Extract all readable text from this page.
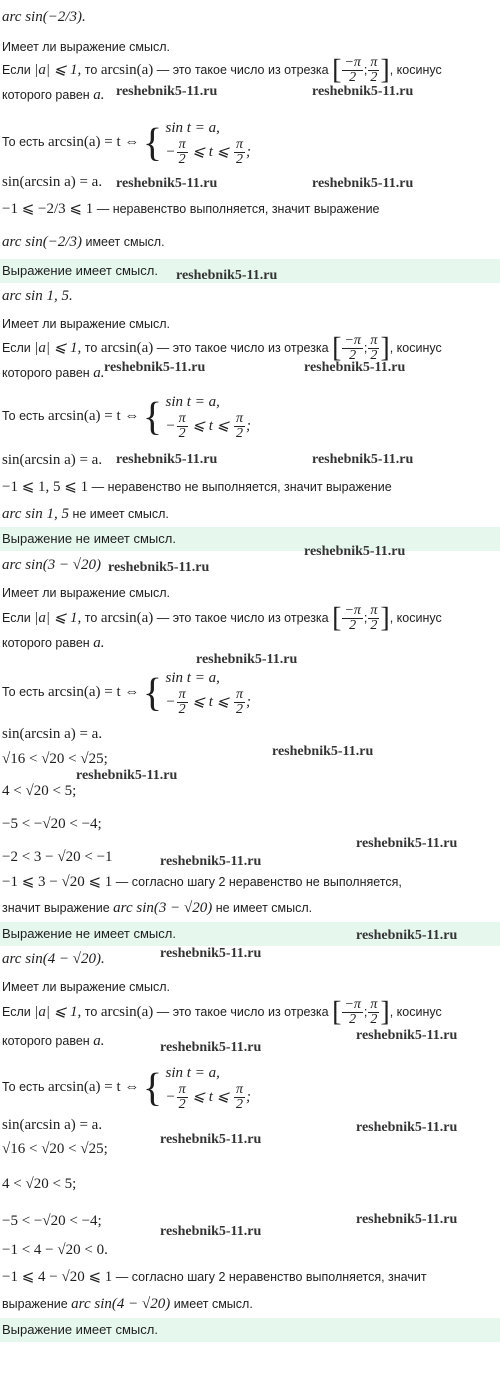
arc sin(−2/3).
Имеет ли выражение смысл.
Если |a| ⩽ 1, то arcsin(a) — это такое число из отрезка [ $\frac{-\pi}{2}$ ; $\frac{\pi}{2}$ ], косинус
которого равен a.
То есть arcsin(a) = t ⇔ { sin t = a,
− $\frac{\pi}{2}$ ⩽ t ⩽ $\frac{\pi}{2}$ ;
sin(arcsin a) = a.
−1 ⩽ −2/3 ⩽ 1 — неравенство выполняется, значит выражение
arc sin(−2/3) имеет смысл.
Выражение имеет смысл.
arc sin 1, 5.
Имеет ли выражение смысл.
Если |a| ⩽ 1, то arcsin(a) — это такое число из отрезка [ $\frac{-\pi}{2}$ ; $\frac{\pi}{2}$ ], косинус
которого равен a.
То есть arcsin(a) = t ⇔ { sin t = a,
− $\frac{\pi}{2}$ ⩽ t ⩽ $\frac{\pi}{2}$ ;
sin(arcsin a) = a.
−1 ⩽ 1, 5 ⩽ 1 — неравенство не выполняется, значит выражение
arc sin 1, 5 не имеет смысл.
Выражение не имеет смысл.
arc sin(3 − √20)
Имеет ли выражение смысл.
Если |a| ⩽ 1, то arcsin(a) — это такое число из отрезка [ $\frac{-\pi}{2}$ ; $\frac{\pi}{2}$ ], косинус
которого равен a.
То есть arcsin(a) = t ⇔ { sin t = a,
− $\frac{\pi}{2}$ ⩽ t ⩽ $\frac{\pi}{2}$ ;
sin(arcsin a) = a.
√16 < √20 < √25;
4 < √20 < 5;
−5 < −√20 < −4;
−2 < 3 − √20 < −1
−1 ⩽ 3 − √20 ⩽ 1 — согласно шагу 2 неравенство не выполняется,
значит выражение arc sin(3 − √20) не имеет смысл.
Выражение не имеет смысл.
arc sin(4 − √20).
Имеет ли выражение смысл.
Если |a| ⩽ 1, то arcsin(a) — это такое число из отрезка [ $\frac{-\pi}{2}$ ; $\frac{\pi}{2}$ ], косинус
которого равен a.
То есть arcsin(a) = t ⇔ { sin t = a,
− $\frac{\pi}{2}$ ⩽ t ⩽ $\frac{\pi}{2}$ ;
sin(arcsin a) = a.
√16 < √20 < √25;
4 < √20 < 5;
−5 < −√20 < −4;
−1 < 4 − √20 < 0.
−1 ⩽ 4 − √20 ⩽ 1 — согласно шагу 2 неравенство выполняется, значит
выражение arc sin(4 − √20) имеет смысл.
Выражение имеет смысл.
reshebnik5-11.ru	reshebnik5-11.ru
reshebnik5-11.ru	reshebnik5-11.ru
reshebnik5-11.ru
reshebnik5-11.ru	reshebnik5-11.ru
reshebnik5-11.ru	reshebnik5-11.ru
reshebnik5-11.ru
reshebnik5-11.ru
reshebnik5-11.ru
reshebnik5-11.ru
reshebnik5-11.ru
reshebnik5-11.ru
reshebnik5-11.ru
reshebnik5-11.ru
reshebnik5-11.ru
reshebnik5-11.ru
reshebnik5-11.ru
reshebnik5-11.ru
reshebnik5-11.ru
reshebnik5-11.ru
reshebnik5-11.ru
